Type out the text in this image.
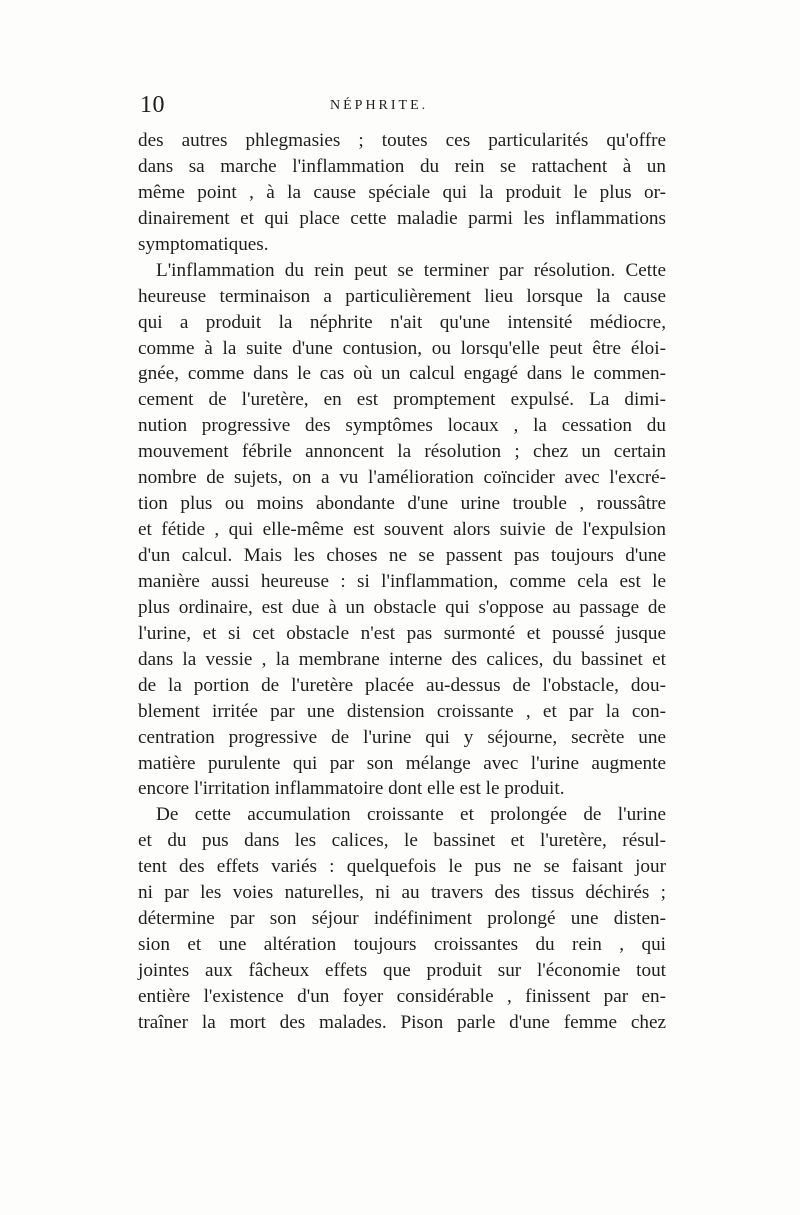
10	NÉPHRITE.
des autres phlegmasies ; toutes ces particularités qu'offre
dans sa marche l'inflammation du rein se rattachent à un
même point , à la cause spéciale qui la produit le plus or-
dinairement et qui place cette maladie parmi les inflammations
symptomatiques.
L'inflammation du rein peut se terminer par résolution. Cette
heureuse terminaison a particulièrement lieu lorsque la cause
qui a produit la néphrite n'ait qu'une intensité médiocre,
comme à la suite d'une contusion, ou lorsqu'elle peut être éloi-
gnée, comme dans le cas où un calcul engagé dans le commen-
cement de l'uretère, en est promptement expulsé. La dimi-
nution progressive des symptômes locaux , la cessation du
mouvement fébrile annoncent la résolution ; chez un certain
nombre de sujets, on a vu l'amélioration coïncider avec l'excré-
tion plus ou moins abondante d'une urine trouble , roussâtre
et fétide , qui elle-même est souvent alors suivie de l'expulsion
d'un calcul. Mais les choses ne se passent pas toujours d'une
manière aussi heureuse : si l'inflammation, comme cela est le
plus ordinaire, est due à un obstacle qui s'oppose au passage de
l'urine, et si cet obstacle n'est pas surmonté et poussé jusque
dans la vessie , la membrane interne des calices, du bassinet et
de la portion de l'uretère placée au-dessus de l'obstacle, dou-
blement irritée par une distension croissante , et par la con-
centration progressive de l'urine qui y séjourne, secrète une
matière purulente qui par son mélange avec l'urine augmente
encore l'irritation inflammatoire dont elle est le produit.
De cette accumulation croissante et prolongée de l'urine
et du pus dans les calices, le bassinet et l'uretère, résul-
tent des effets variés : quelquefois le pus ne se faisant jour
ni par les voies naturelles, ni au travers des tissus déchirés ;
détermine par son séjour indéfiniment prolongé une disten-
sion et une altération toujours croissantes du rein , qui
jointes aux fâcheux effets que produit sur l'économie tout
entière l'existence d'un foyer considérable , finissent par en-
traîner la mort des malades. Pison parle d'une femme chez
